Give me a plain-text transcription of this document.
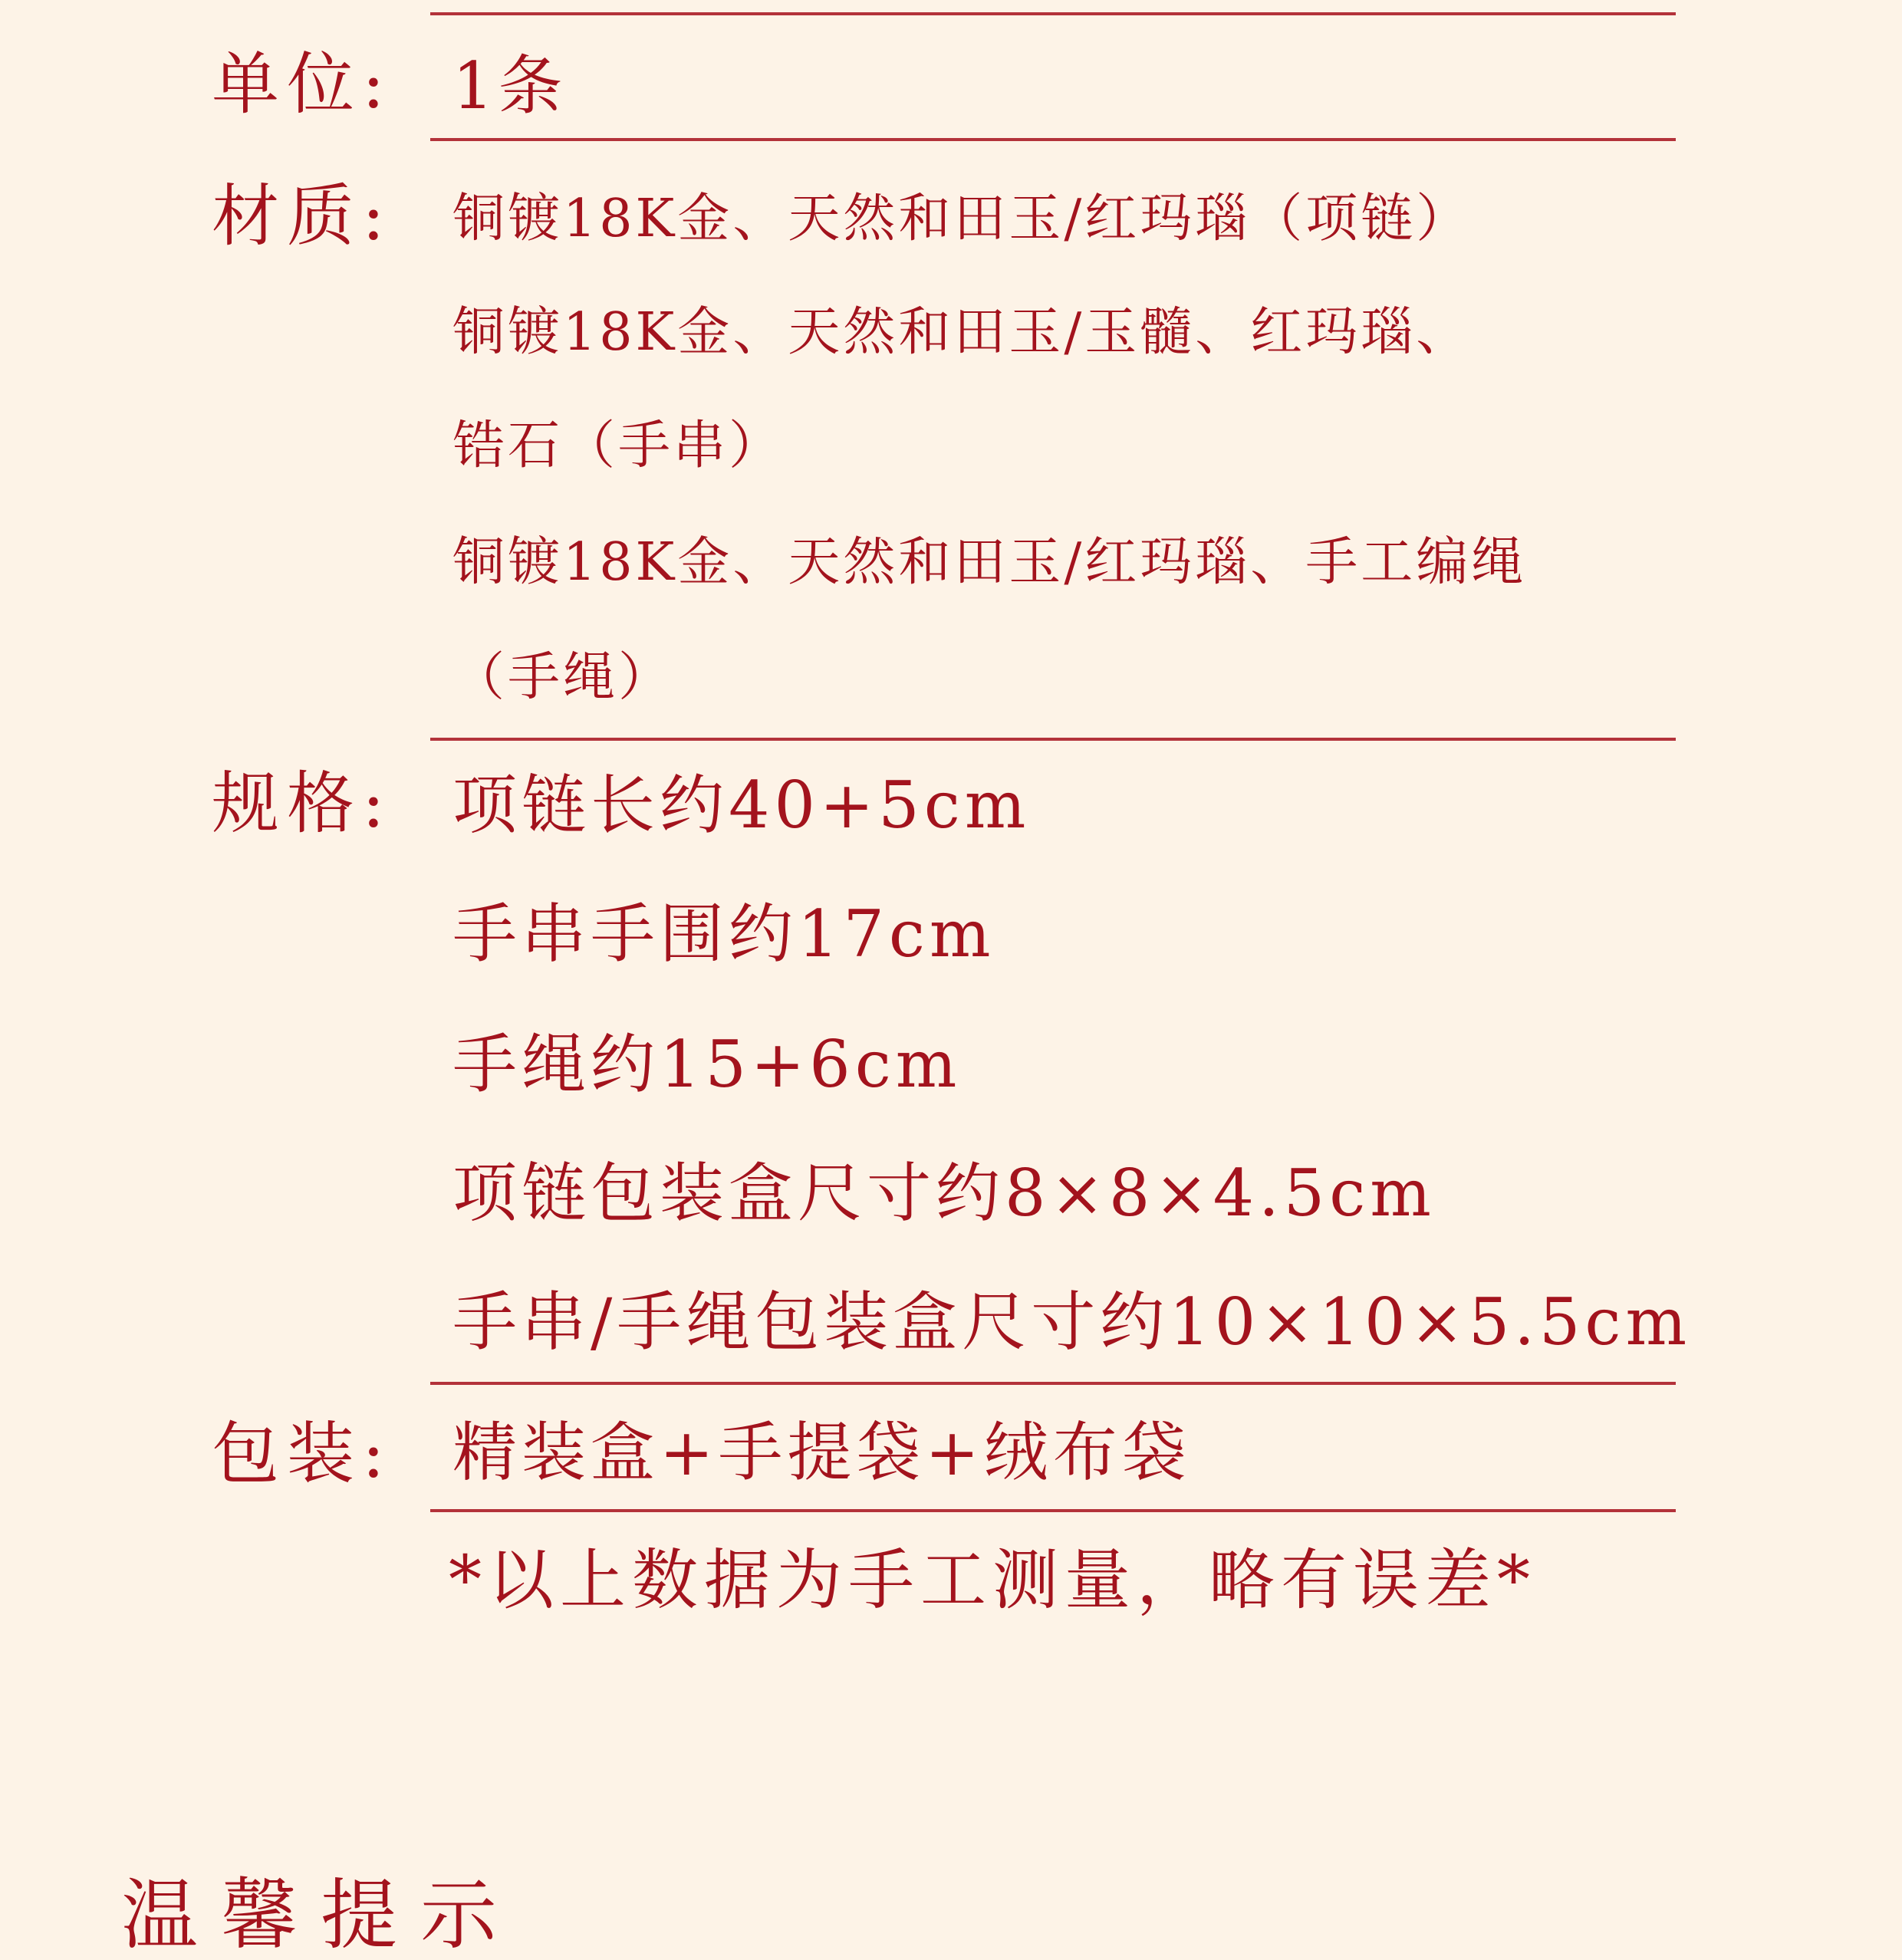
单位: 1条
材质: 铜镀18K金、天然和田玉/红玛瑙（项链）
铜镀18K金、天然和田玉/玉髓、红玛瑙、
锆石（手串）
铜镀18K金、天然和田玉/红玛瑙、手工编绳
（手绳）
规格: 项链长约40+5cm
手串手围约17cm
手绳约15+6cm
项链包装盒尺寸约8×8×4.5cm
手串/手绳包装盒尺寸约10×10×5.5cm
包装: 精装盒+手提袋+绒布袋
*以上数据为手工测量，略有误差*
温馨提示
